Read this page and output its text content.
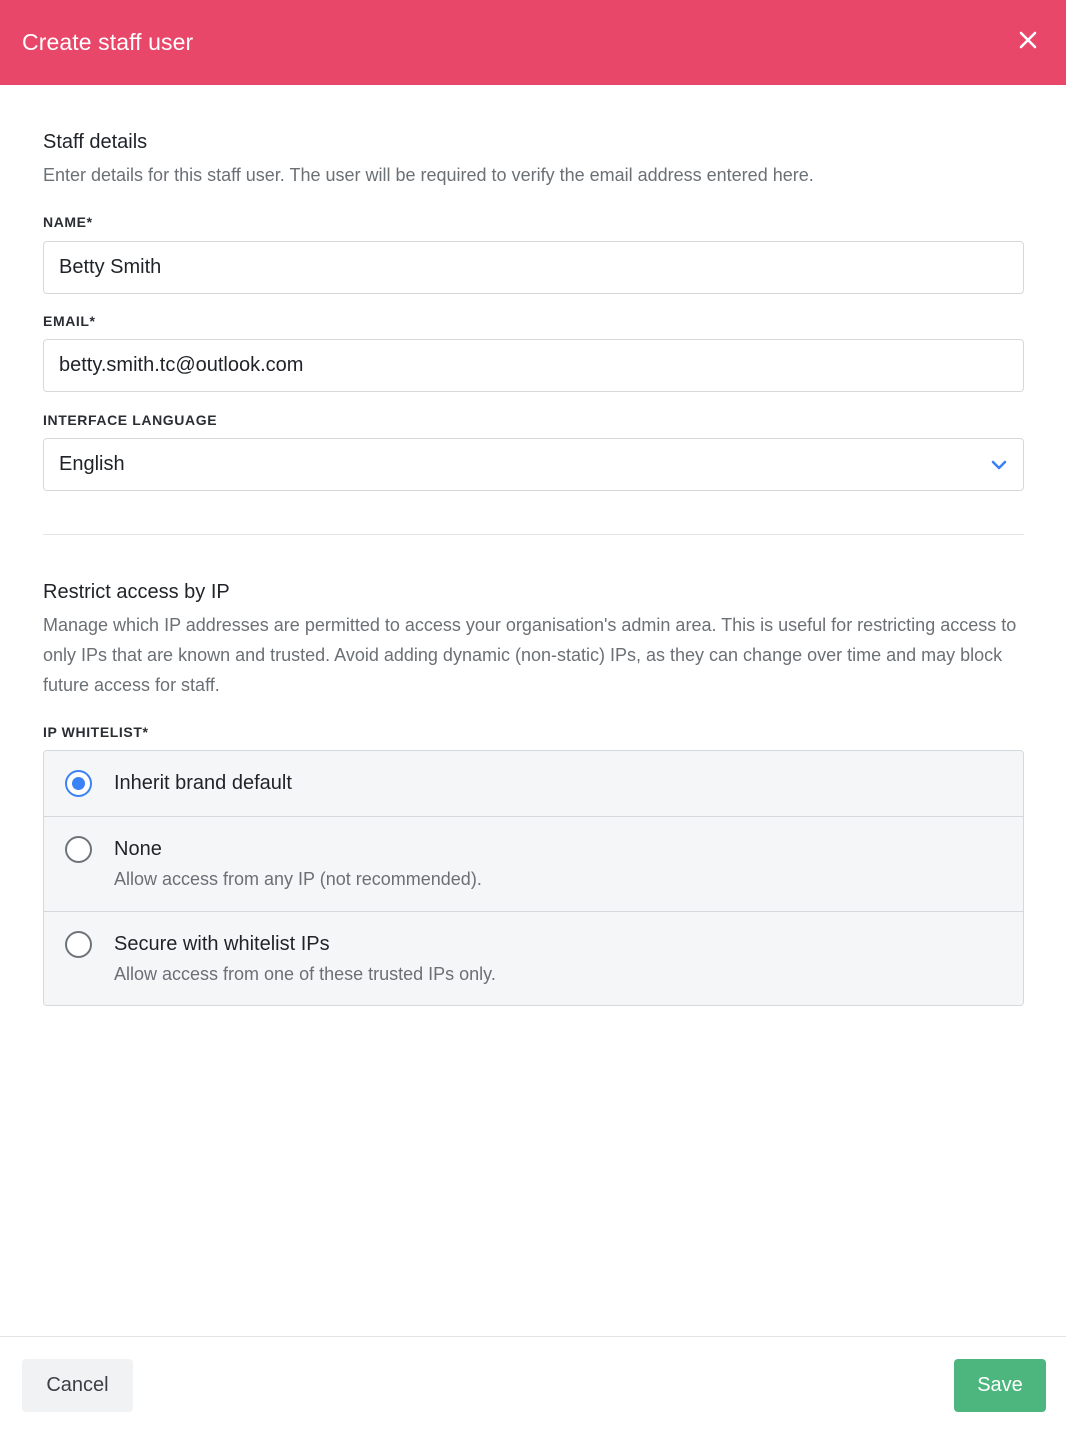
Create staff user
Staff details
Enter details for this staff user. The user will be required to verify the email address entered here.
NAME*
Betty Smith
EMAIL*
betty.smith.tc@outlook.com
INTERFACE LANGUAGE
English
Restrict access by IP
Manage which IP addresses are permitted to access your organisation's admin area. This is useful for restricting access to only IPs that are known and trusted. Avoid adding dynamic (non-static) IPs, as they can change over time and may block future access for staff.
IP WHITELIST*
Inherit brand default
None
Allow access from any IP (not recommended).
Secure with whitelist IPs
Allow access from one of these trusted IPs only.
Cancel	Save
